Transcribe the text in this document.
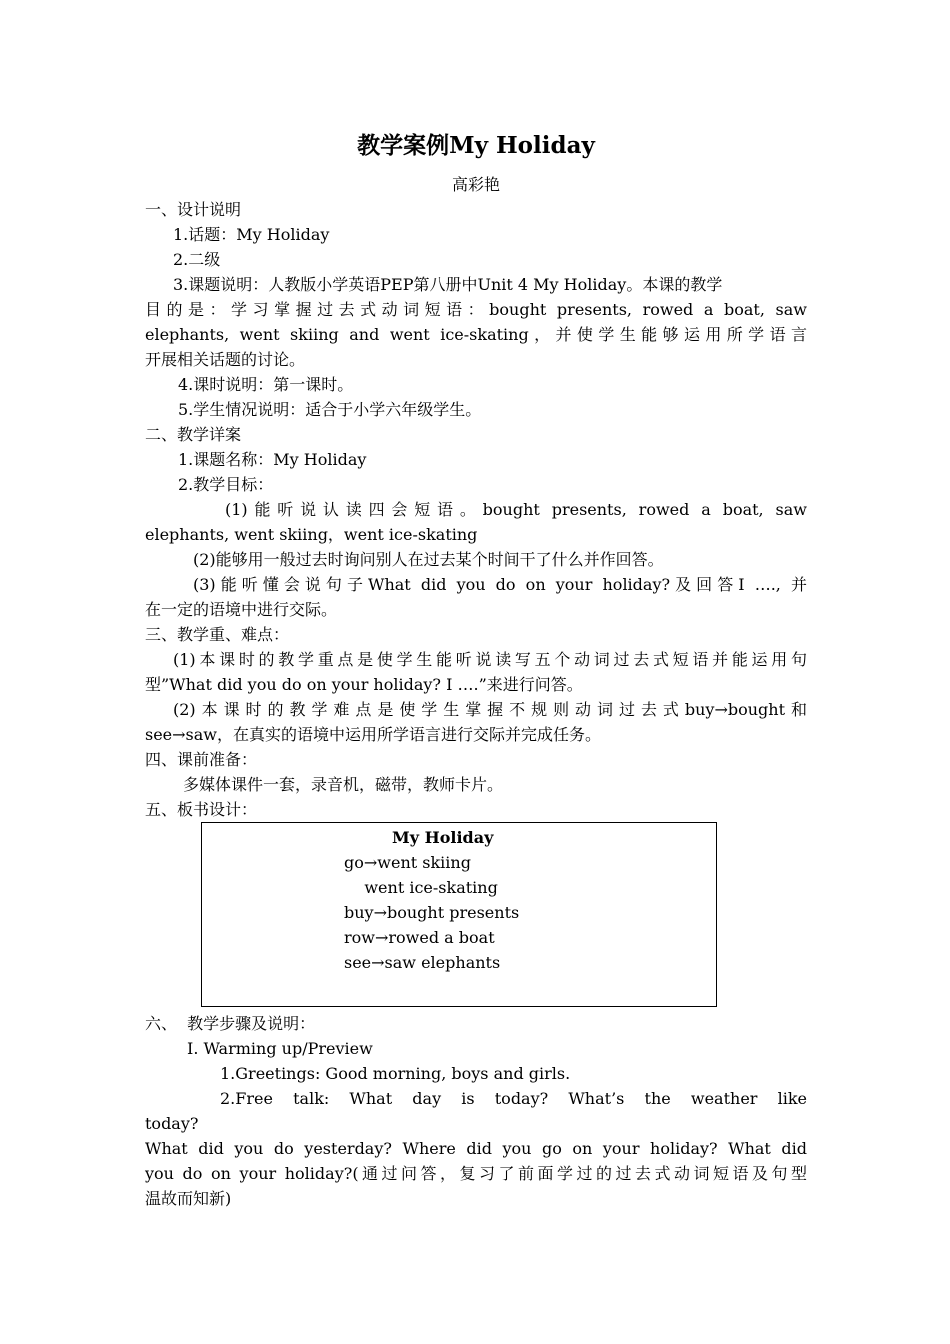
教学案例My Holiday
高彩艳
一、设计说明
1.话题：My Holiday
2.二级
3.课题说明：人教版小学英语PEP第八册中Unit 4 My Holiday。本课的教学
目的是：学习掌握过去式动词短语：bought presents, rowed a boat, saw
elephants, went skiing and went ice-skating，并使学生能够运用所学语言
开展相关话题的讨论。
4.课时说明：第一课时。
5.学生情况说明：适合于小学六年级学生。
二、教学详案
1.课题名称：My Holiday
2.教学目标：
(1)能听说认读四会短语。bought presents, rowed a boat, saw
elephants, went skiing，went ice-skating
(2)能够用一般过去时询问别人在过去某个时间干了什么并作回答。
(3)能听懂会说句子What did you do on your holiday?及回答I …., 并
在一定的语境中进行交际。
三、教学重、难点：
(1)本课时的教学重点是使学生能听说读写五个动词过去式短语并能运用句
型”What did you do on your holiday? I ….”来进行问答。
(2)本课时的教学难点是使学生掌握不规则动词过去式buy→bought和
see→saw，在真实的语境中运用所学语言进行交际并完成任务。
四、课前准备：
多媒体课件一套，录音机，磁带，教师卡片。
五、板书设计：
My Holiday
go→went skiing
went ice-skating
buy→bought presents
row→rowed a boat
see→saw elephants
六、  教学步骤及说明：
Ⅰ. Warming up/Preview
1.Greetings: Good morning, boys and girls.
2.Free talk: What day is today? What’s the weather like
today?
What did you do yesterday? Where did you go on your holiday? What did
you do on your holiday?(通过问答，复习了前面学过的过去式动词短语及句型
温故而知新)
